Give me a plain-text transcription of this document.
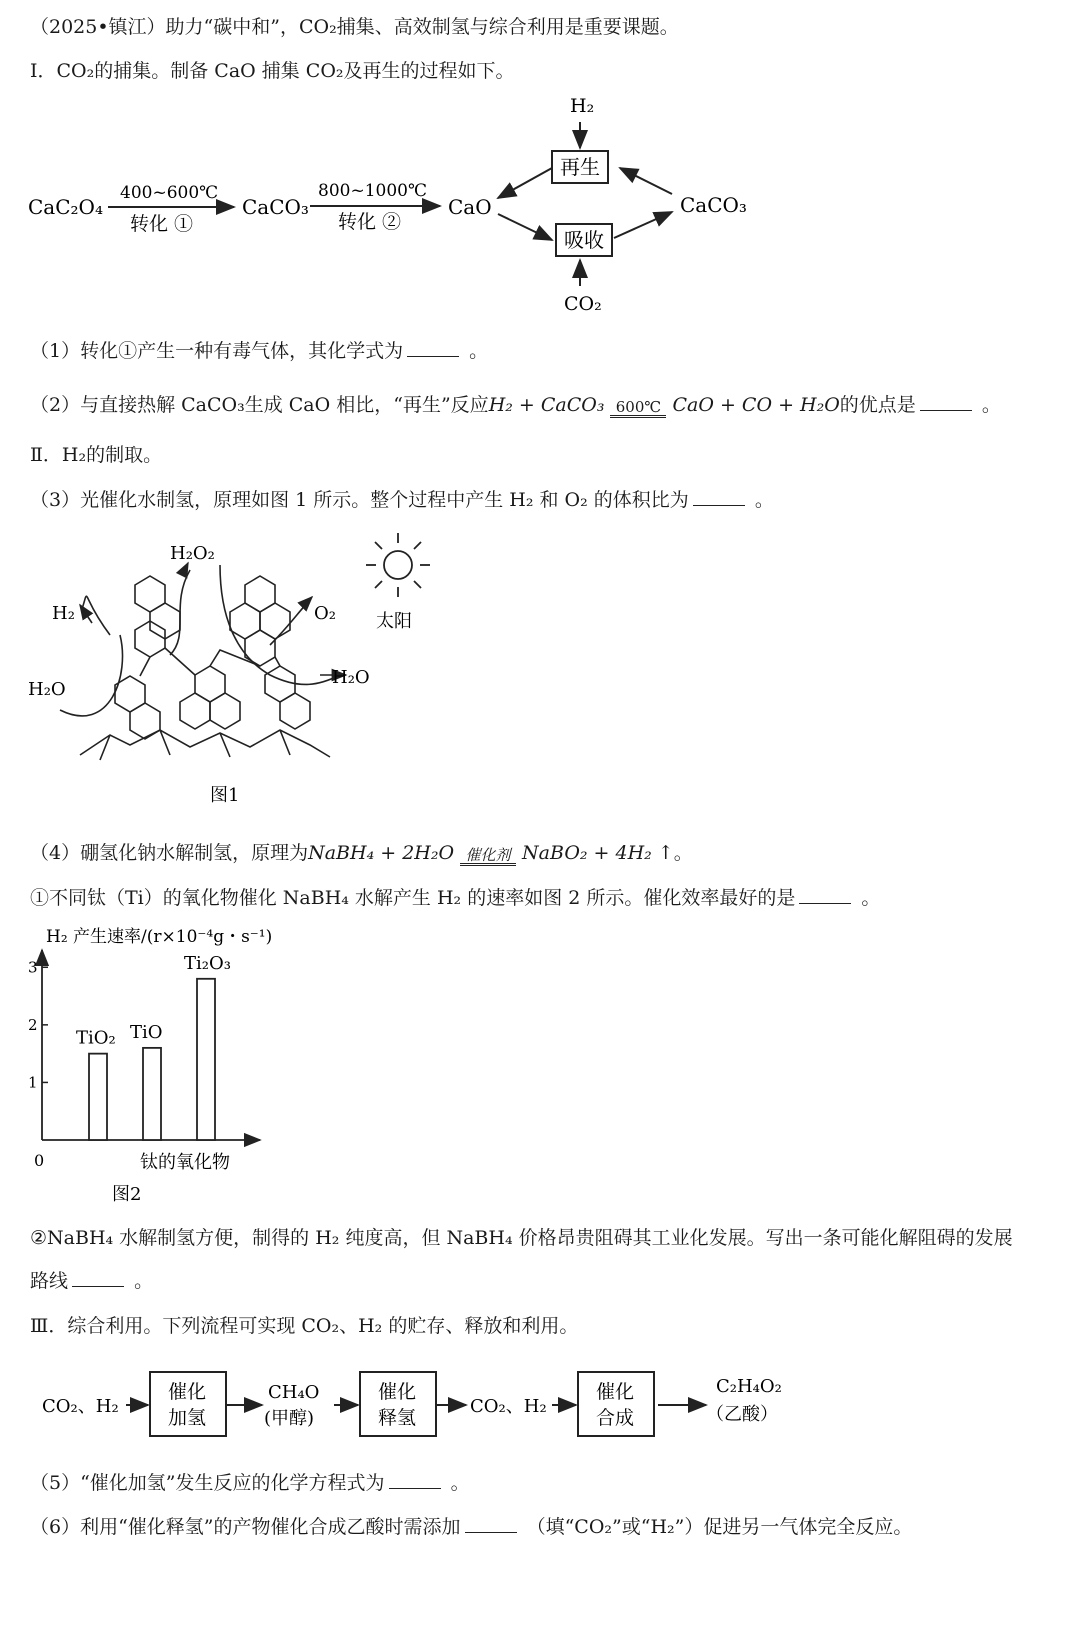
（2025•镇江）助力“碳中和”，CO₂捕集、高效制氢与综合利用是重要课题。
Ⅰ．CO₂的捕集。制备 CaO 捕集 CO₂及再生的过程如下。
CaC₂O₄
400~600℃
转化 ①
CaCO₃
800~1000℃
转化 ②
CaO
H₂
再生
吸收
CO₂
CaCO₃
（1）转化①产生一种有毒气体，其化学式为	。
（2）与直接热解 CaCO₃生成 CaO 相比，“再生”反应H₂ + CaCO₃ 600℃ CaO + CO + H₂O的优点是	。
Ⅱ．H₂的制取。
（3）光催化水制氢，原理如图 1 所示。整个过程中产生 H₂ 和 O₂ 的体积比为	。
H₂O₂
H₂	O₂
H₂O
H₂O
太阳
图1
（4）硼氢化钠水解制氢，原理为NaBH₄ + 2H₂O 催化剂 NaBO₂ + 4H₂ ↑。
①不同钛（Ti）的氧化物催化 NaBH₄ 水解产生 H₂ 的速率如图 2 所示。催化效率最好的是	。
H₂ 产生速率/(r×10⁻⁴g・s⁻¹)
0	钛的氧化物
图2
1
2
3
TiO₂ TiO
Ti₂O₃
②NaBH₄ 水解制氢方便，制得的 H₂ 纯度高，但 NaBH₄ 价格昂贵阻碍其工业化发展。写出一条可能化解阻碍的发展
路线	。
Ⅲ．综合利用。下列流程可实现 CO₂、H₂ 的贮存、释放和利用。
CO₂、H₂
催化
加氢
CH₄O
(甲醇)
催化
释氢
CO₂、H₂
催化
合成
C₂H₄O₂
（乙酸）
（5）“催化加氢”发生反应的化学方程式为	。
（6）利用“催化释氢”的产物催化合成乙酸时需添加	（填“CO₂”或“H₂”）促进另一气体完全反应。
